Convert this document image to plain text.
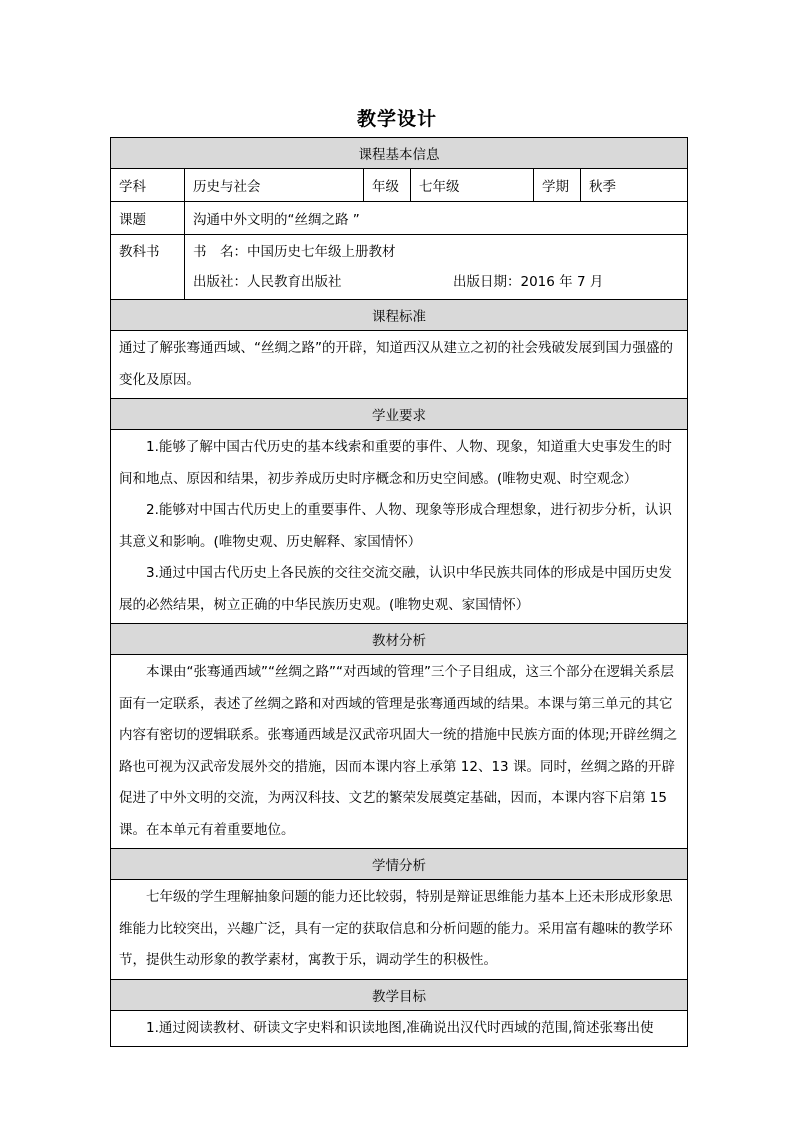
教学设计
课程基本信息					
学科	历史与社会	年级	七年级	学期	秋季
课题	沟通中外文明的“丝绸之路 ”				
教科书	书　名：中国历史七年级上册教材
出版社：人民教育出版社 出版日期：2016 年 7 月				

课程标准					

通过了解张骞通西域、“丝绸之路”的开辟，知道西汉从建立之初的社会残破发展到国力强盛的变化及原因。					

学业要求					

1.能够了解中国古代历史的基本线索和重要的事件、人物、现象，知道重大史事发生的时间和地点、原因和结果，初步养成历史时序概念和历史空间感。(唯物史观、时空观念）

2.能够对中国古代历史上的重要事件、人物、现象等形成合理想象，进行初步分析，认识其意义和影响。(唯物史观、历史解释、家国情怀）

3.通过中国古代历史上各民族的交往交流交融，认识中华民族共同体的形成是中国历史发展的必然结果，树立正确的中华民族历史观。(唯物史观、家国情怀）					

教材分析					

本课由“张骞通西域”“丝绸之路”“对西域的管理”三个子目组成，这三个部分在逻辑关系层面有一定联系，表述了丝绸之路和对西域的管理是张骞通西域的结果。本课与第三单元的其它内容有密切的逻辑联系。张骞通西域是汉武帝巩固大一统的措施中民族方面的体现;开辟丝绸之路也可视为汉武帝发展外交的措施，因而本课内容上承第 12、13 课。同时，丝绸之路的开辟促进了中外文明的交流，为两汉科技、文艺的繁荣发展奠定基础，因而，本课内容下启第 15 课。在本单元有着重要地位。					

学情分析					

七年级的学生理解抽象问题的能力还比较弱，特别是辩证思维能力基本上还未形成形象思维能力比较突出，兴趣广泛，具有一定的获取信息和分析问题的能力。采用富有趣味的教学环节，提供生动形象的教学素材，寓教于乐，调动学生的积极性。					

教学目标					

1.通过阅读教材、研读文字史料和识读地图,准确说出汉代时西域的范围,简述张骞出使					
